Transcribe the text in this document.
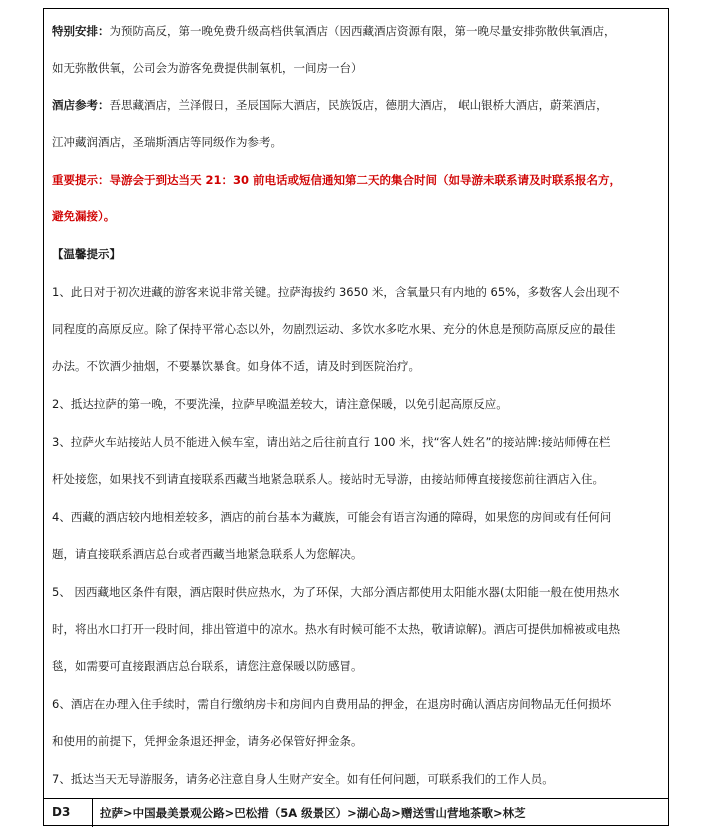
特别安排：为预防高反，第一晚免费升级高档供氧酒店（因西藏酒店资源有限，第一晚尽量安排弥散供氧酒店，
如无弥散供氧，公司会为游客免费提供制氧机，一间房一台）
酒店参考：吾思藏酒店，兰泽假日，圣辰国际大酒店，民族饭店，德朋大酒店， 岷山银桥大酒店，蔚莱酒店，
江冲藏润酒店，圣瑞斯酒店等同级作为参考。
重要提示：导游会于到达当天 21：30 前电话或短信通知第二天的集合时间（如导游未联系请及时联系报名方，
避免漏接）。
【温馨提示】
1、此日对于初次进藏的游客来说非常关键。拉萨海拔约 3650 米，含氧量只有内地的 65%，多数客人会出现不
同程度的高原反应。除了保持平常心态以外，勿剧烈运动、多饮水多吃水果、充分的休息是预防高原反应的最佳
办法。不饮酒少抽烟，不要暴饮暴食。如身体不适，请及时到医院治疗。
2、抵达拉萨的第一晚，不要洗澡，拉萨早晚温差较大，请注意保暖，以免引起高原反应。
3、拉萨火车站接站人员不能进入候车室，请出站之后往前直行 100 米，找“客人姓名”的接站牌:接站师傅在栏
杆处接您，如果找不到请直接联系西藏当地紧急联系人。接站时无导游，由接站师傅直接接您前往酒店入住。
4、西藏的酒店较内地相差较多，酒店的前台基本为藏族，可能会有语言沟通的障碍，如果您的房间或有任何问
题，请直接联系酒店总台或者西藏当地紧急联系人为您解决。
5、 因西藏地区条件有限，酒店限时供应热水，为了环保，大部分酒店都使用太阳能水器(太阳能一般在使用热水
时，将出水口打开一段时间，排出管道中的凉水。热水有时候可能不太热，敬请谅解)。酒店可提供加棉被或电热
毯，如需要可直接跟酒店总台联系，请您注意保暖以防感冒。
6、酒店在办理入住手续时，需自行缴纳房卡和房间内自费用品的押金，在退房时确认酒店房间物品无任何损坏
和使用的前提下，凭押金条退还押金，请务必保管好押金条。
7、抵达当天无导游服务，请务必注意自身人生财产安全。如有任何问题，可联系我们的工作人员。
D3	拉萨>中国最美景观公路>巴松措（5A 级景区）>湖心岛>赠送雪山营地茶歌>林芝
